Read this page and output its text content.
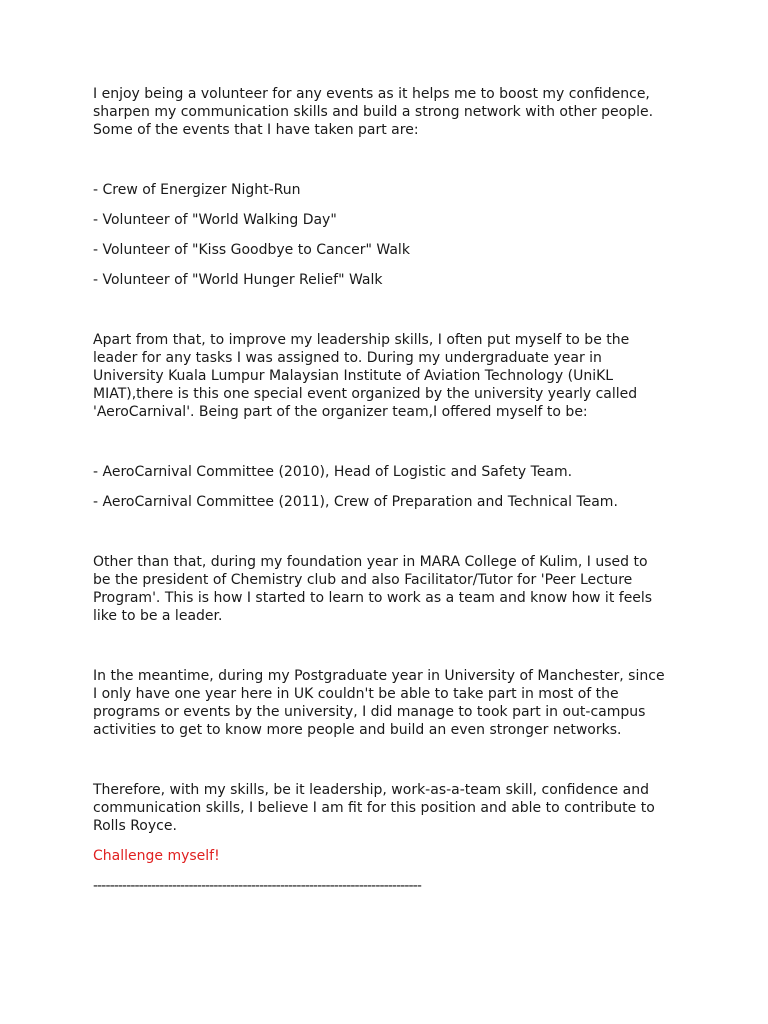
I enjoy being a volunteer for any events as it helps me to boost my confidence,
sharpen my communication skills and build a strong network with other people.
Some of the events that I have taken part are:

- Crew of Energizer Night-Run

- Volunteer of "World Walking Day"

- Volunteer of "Kiss Goodbye to Cancer" Walk

- Volunteer of "World Hunger Relief" Walk

Apart from that, to improve my leadership skills, I often put myself to be the
leader for any tasks I was assigned to. During my undergraduate year in
University Kuala Lumpur Malaysian Institute of Aviation Technology (UniKL
MIAT),there is this one special event organized by the university yearly called
'AeroCarnival'. Being part of the organizer team,I offered myself to be:

- AeroCarnival Committee (2010), Head of Logistic and Safety Team.

- AeroCarnival Committee (2011), Crew of Preparation and Technical Team.

Other than that, during my foundation year in MARA College of Kulim, I used to
be the president of Chemistry club and also Facilitator/Tutor for 'Peer Lecture
Program'. This is how I started to learn to work as a team and know how it feels
like to be a leader.

In the meantime, during my Postgraduate year in University of Manchester, since
I only have one year here in UK couldn't be able to take part in most of the
programs or events by the university, I did manage to took part in out-campus
activities to get to know more people and build an even stronger networks.

Therefore, with my skills, be it leadership, work-as-a-team skill, confidence and
communication skills, I believe I am fit for this position and able to contribute to
Rolls Royce.

Challenge myself!

-------------------------------------------------------------------------------
